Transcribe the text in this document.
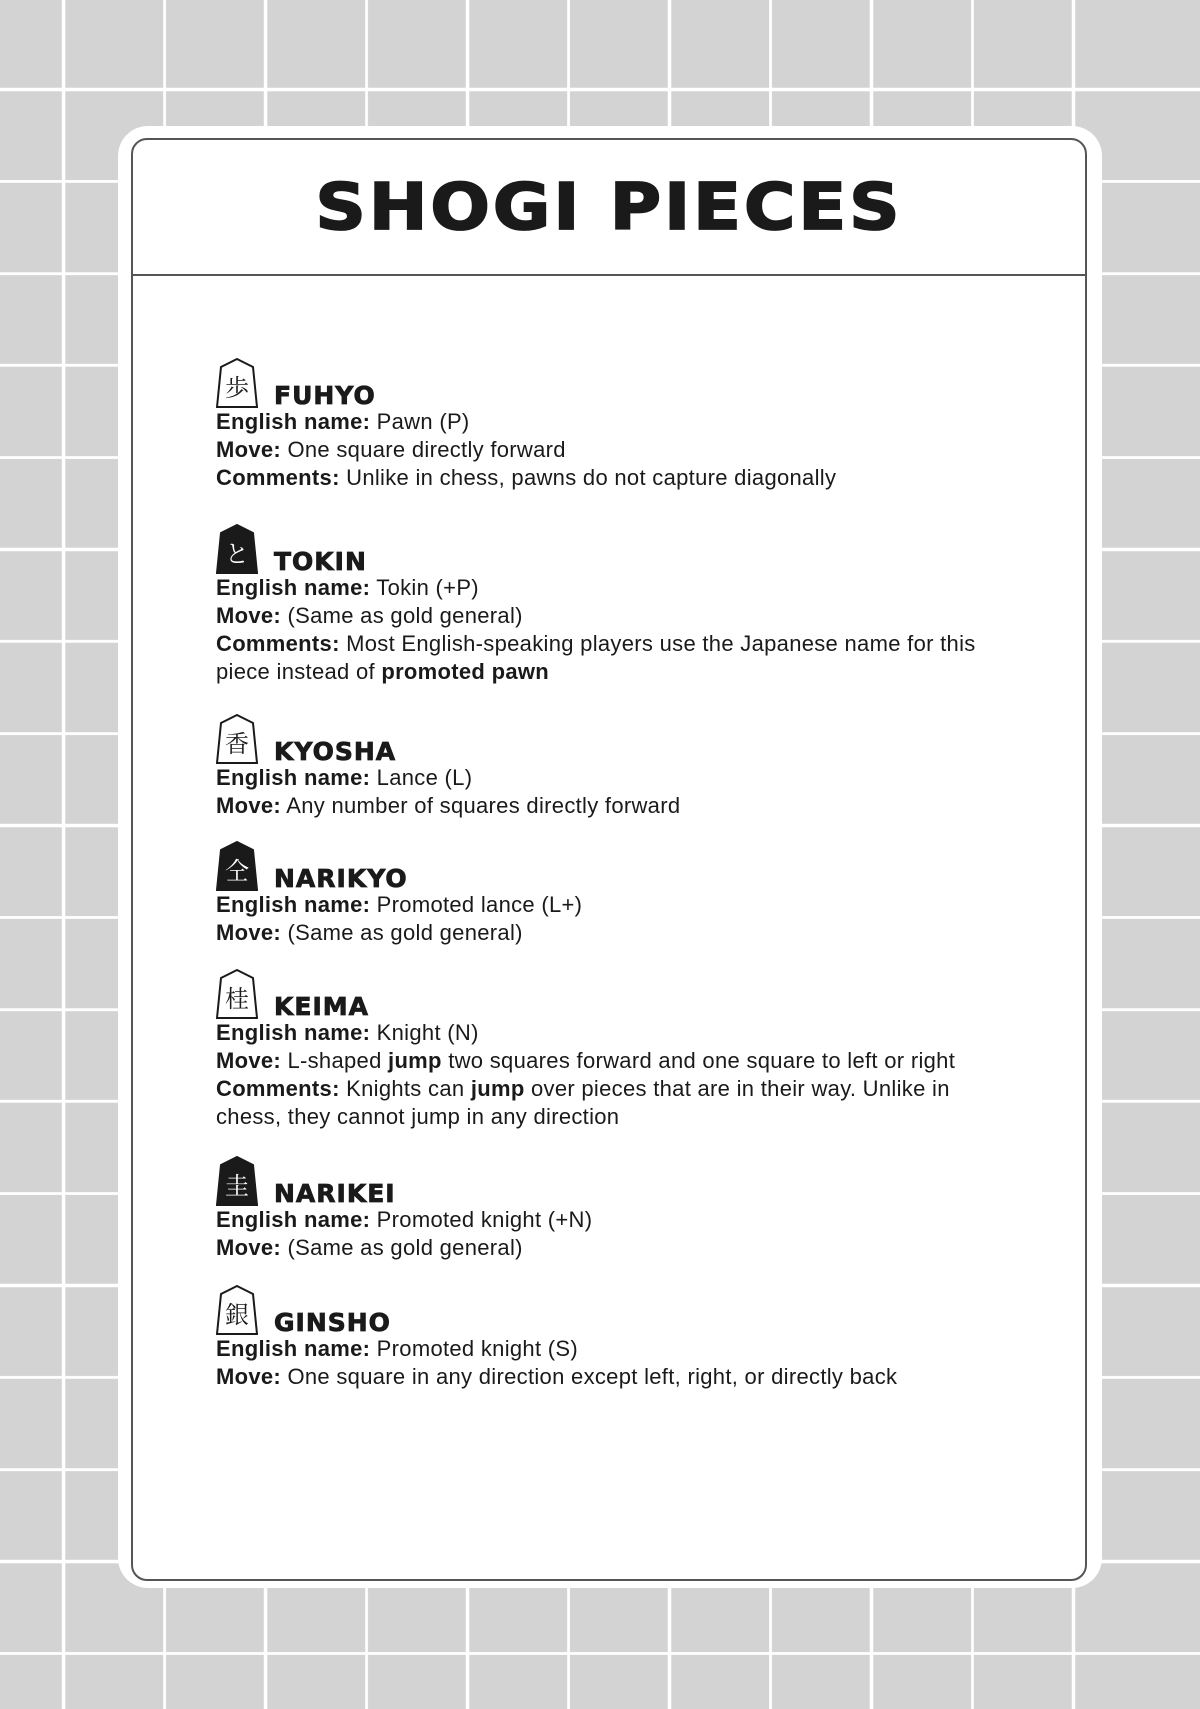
SHOGI PIECES
歩 FUHYO
English name: Pawn (P)
Move: One square directly forward
Comments: Unlike in chess, pawns do not capture diagonally
と TOKIN
English name: Tokin (+P)
Move: (Same as gold general)
Comments: Most English-speaking players use the Japanese name for this
piece instead of promoted pawn
香 KYOSHA
English name: Lance (L)
Move: Any number of squares directly forward
仝 NARIKYO
English name: Promoted lance (L+)
Move: (Same as gold general)
桂 KEIMA
English name: Knight (N)
Move: L-shaped jump two squares forward and one square to left or right
Comments: Knights can jump over pieces that are in their way. Unlike in
chess, they cannot jump in any direction
圭 NARIKEI
English name: Promoted knight (+N)
Move: (Same as gold general)
銀 GINSHO
English name: Promoted knight (S)
Move: One square in any direction except left, right, or directly back
